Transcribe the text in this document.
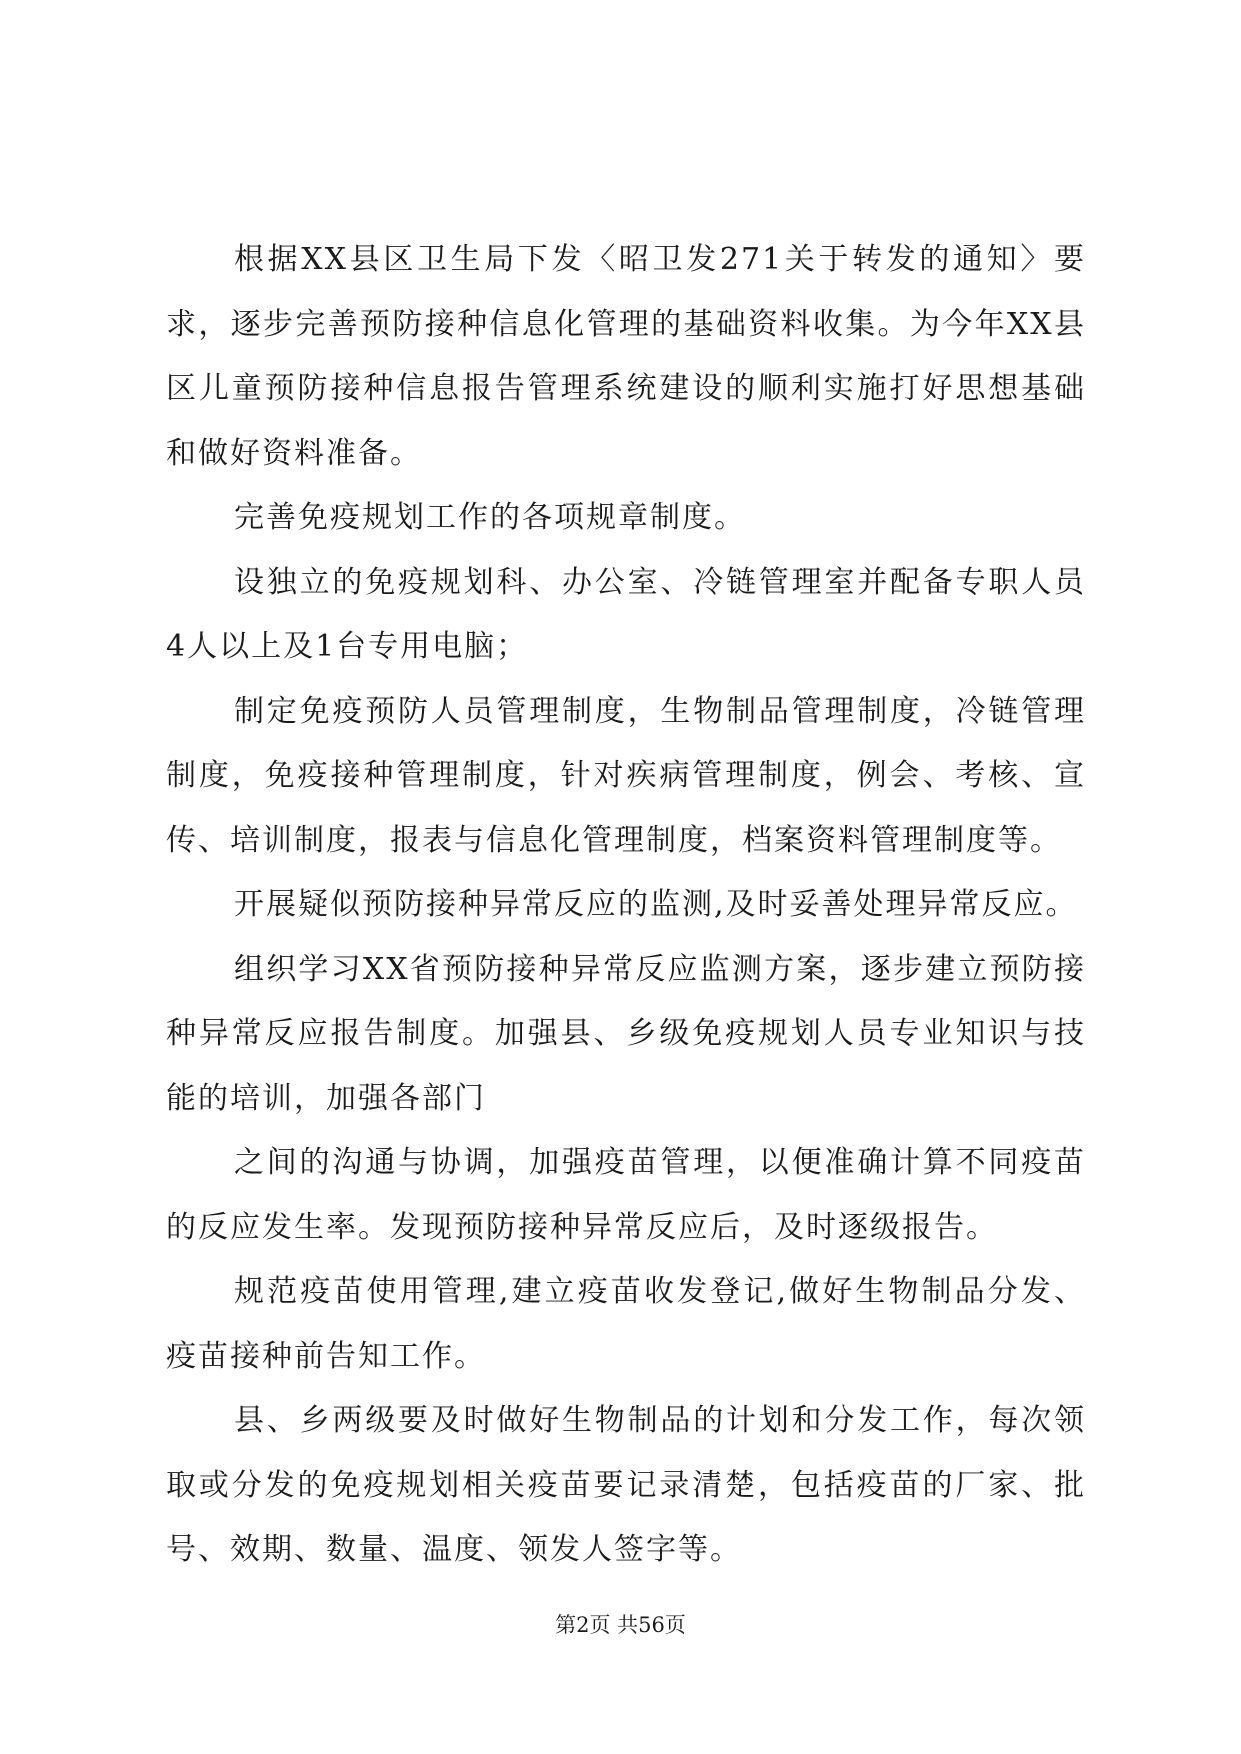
根据XX县区卫生局下发〈昭卫发271关于转发的通知〉要求，逐步完善预防接种信息化管理的基础资料收集。为今年XX县区儿童预防接种信息报告管理系统建设的顺利实施打好思想基础和做好资料准备。

完善免疫规划工作的各项规章制度。

设独立的免疫规划科、办公室、冷链管理室并配备专职人员4人以上及1台专用电脑；

制定免疫预防人员管理制度，生物制品管理制度，冷链管理制度，免疫接种管理制度，针对疾病管理制度，例会、考核、宣传、培训制度，报表与信息化管理制度，档案资料管理制度等。

开展疑似预防接种异常反应的监测,及时妥善处理异常反应。

组织学习XX省预防接种异常反应监测方案，逐步建立预防接种异常反应报告制度。加强县、乡级免疫规划人员专业知识与技能的培训，加强各部门

之间的沟通与协调，加强疫苗管理，以便准确计算不同疫苗的反应发生率。发现预防接种异常反应后，及时逐级报告。

规范疫苗使用管理,建立疫苗收发登记,做好生物制品分发、疫苗接种前告知工作。

县、乡两级要及时做好生物制品的计划和分发工作，每次领取或分发的免疫规划相关疫苗要记录清楚，包括疫苗的厂家、批号、效期、数量、温度、领发人签字等。

第2页 共56页
